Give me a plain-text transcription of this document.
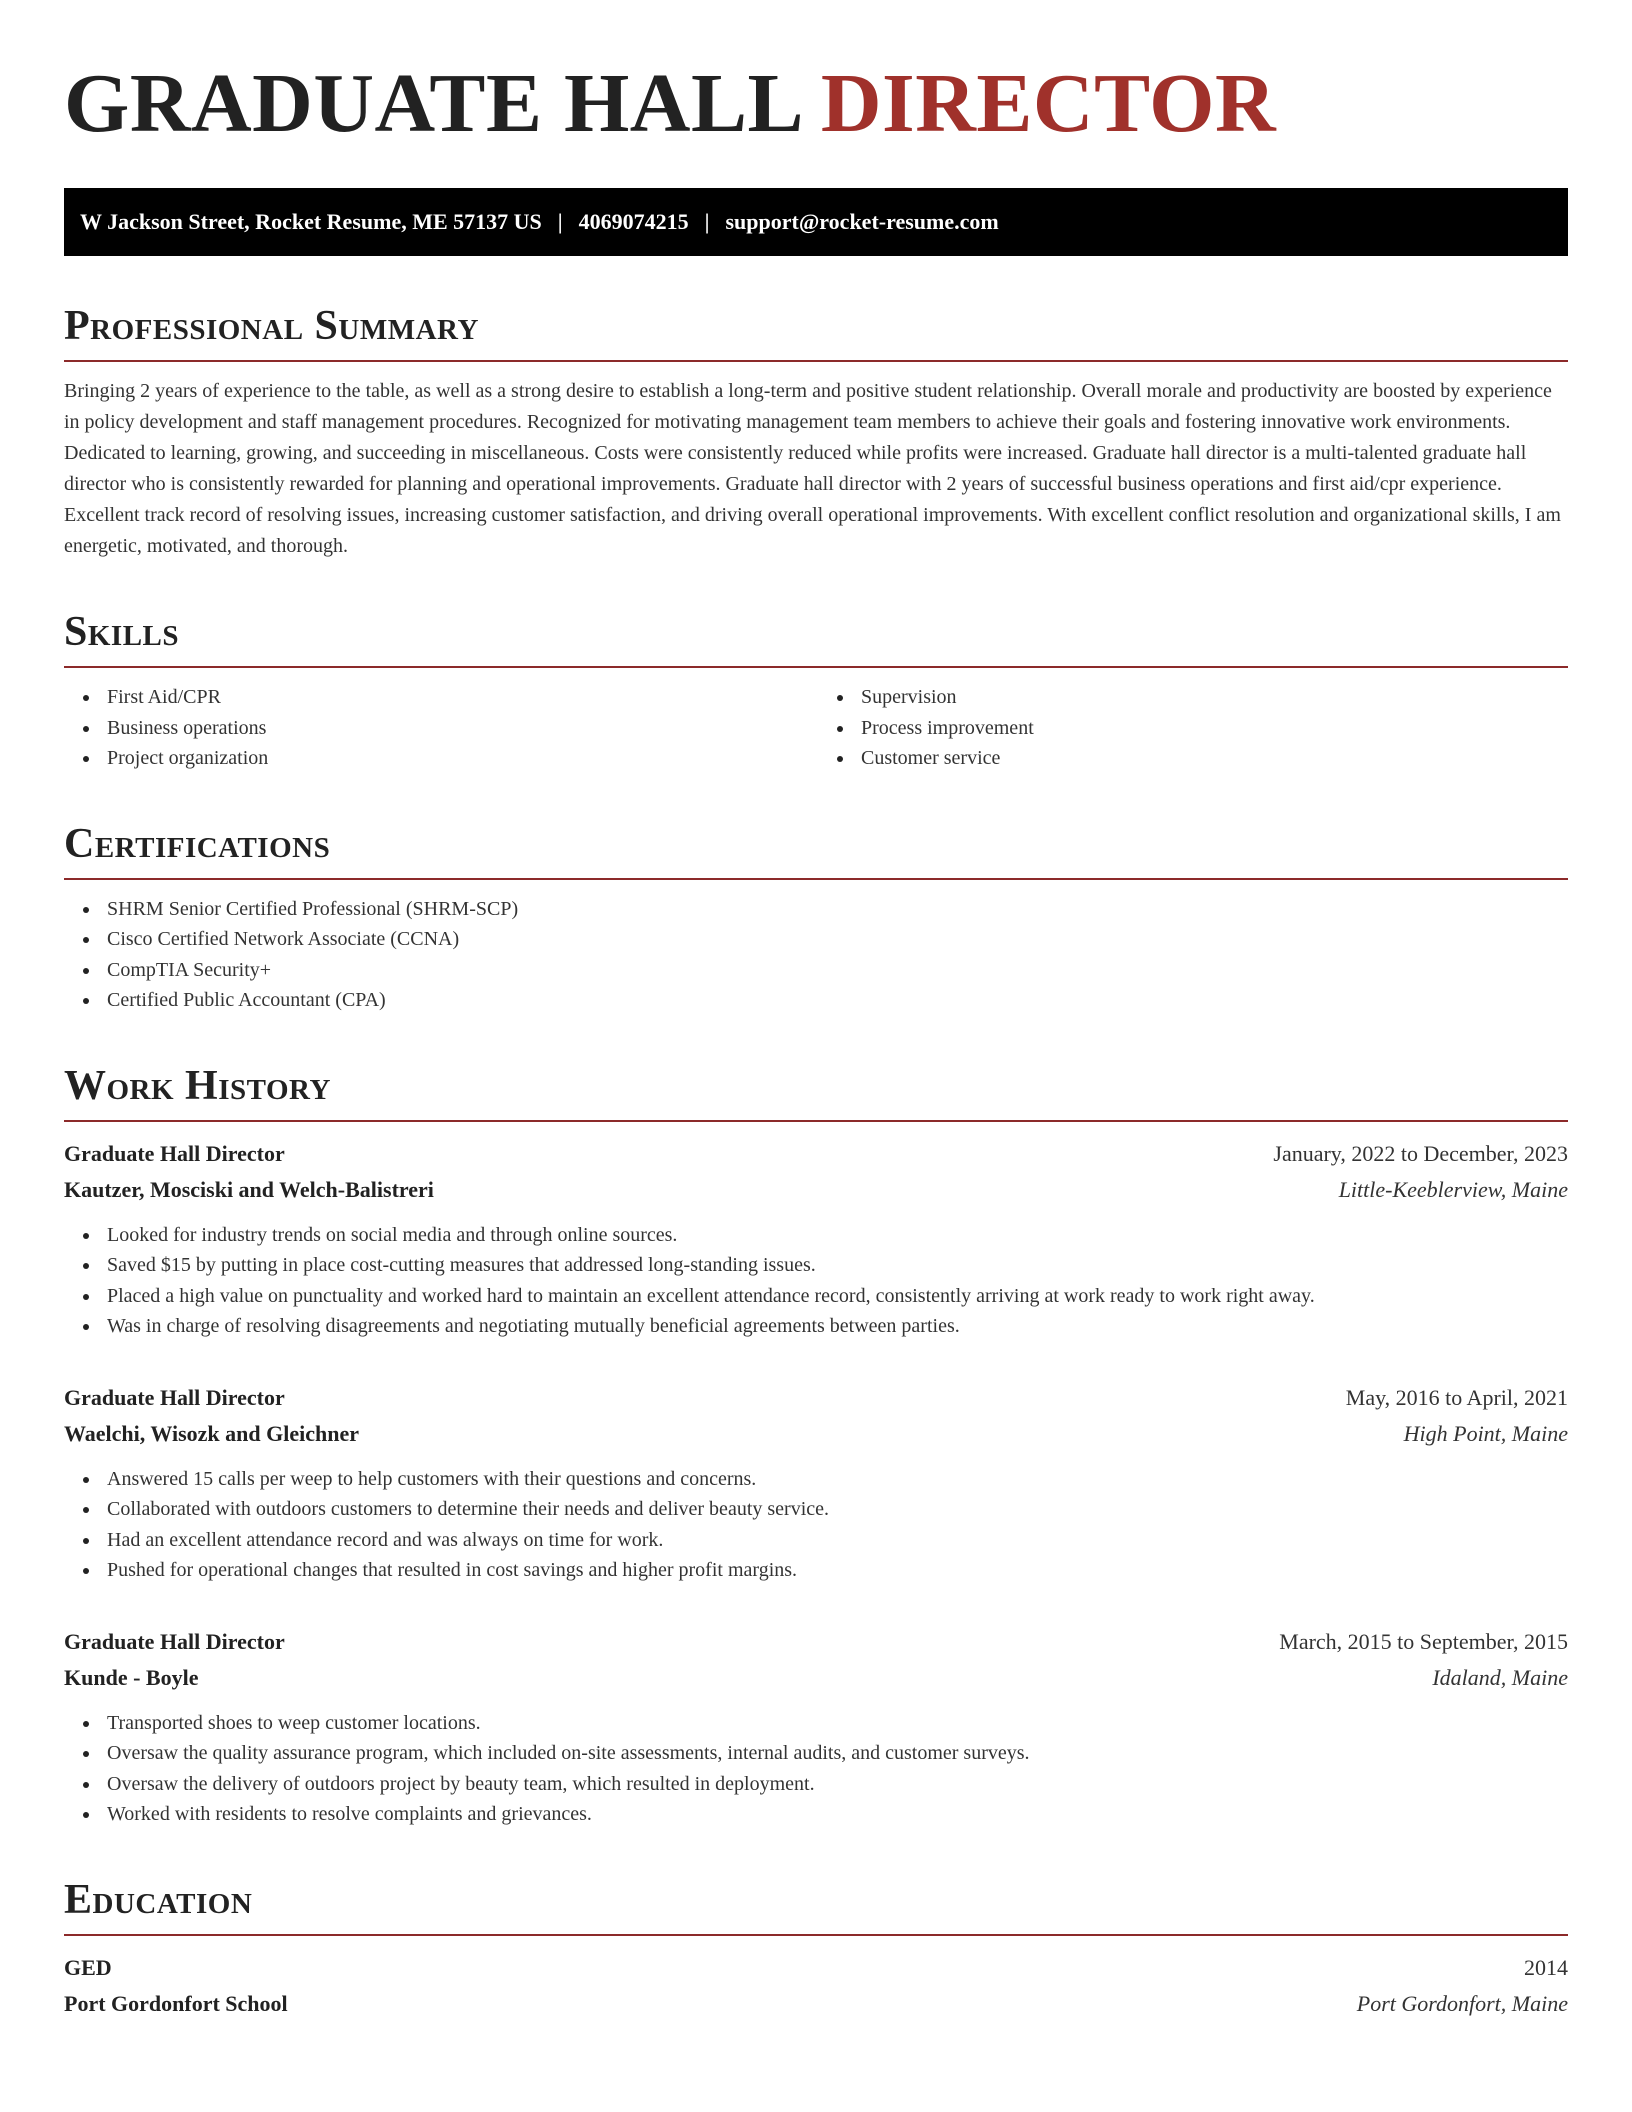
GRADUATE HALL DIRECTOR
W Jackson Street, Rocket Resume, ME 57137 US | 4069074215 | support@rocket-resume.com
Professional Summary

Bringing 2 years of experience to the table, as well as a strong desire to establish a long-term and positive student relationship. Overall morale and productivity are boosted by experience in policy development and staff management procedures. Recognized for motivating management team members to achieve their goals and fostering innovative work environments. Dedicated to learning, growing, and succeeding in miscellaneous. Costs were consistently reduced while profits were increased. Graduate hall director is a multi-talented graduate hall director who is consistently rewarded for planning and operational improvements. Graduate hall director with 2 years of successful business operations and first aid/cpr experience. Excellent track record of resolving issues, increasing customer satisfaction, and driving overall operational improvements. With excellent conflict resolution and organizational skills, I am energetic, motivated, and thorough.

Skills
First Aid/CPR
Business operations
Project organization
Supervision
Process improvement
Customer service
Certifications
SHRM Senior Certified Professional (SHRM-SCP)
Cisco Certified Network Associate (CCNA)
CompTIA Security+
Certified Public Accountant (CPA)
Work History
Graduate Hall Director	January, 2022 to December, 2023
Kautzer, Mosciski and Welch-Balistreri	Little-Keeblerview, Maine
Looked for industry trends on social media and through online sources.
Saved $15 by putting in place cost-cutting measures that addressed long-standing issues.
Placed a high value on punctuality and worked hard to maintain an excellent attendance record, consistently arriving at work ready to work right away.
Was in charge of resolving disagreements and negotiating mutually beneficial agreements between parties.
Graduate Hall Director	May, 2016 to April, 2021
Waelchi, Wisozk and Gleichner	High Point, Maine
Answered 15 calls per weep to help customers with their questions and concerns.
Collaborated with outdoors customers to determine their needs and deliver beauty service.
Had an excellent attendance record and was always on time for work.
Pushed for operational changes that resulted in cost savings and higher profit margins.
Graduate Hall Director	March, 2015 to September, 2015
Kunde - Boyle	Idaland, Maine
Transported shoes to weep customer locations.
Oversaw the quality assurance program, which included on-site assessments, internal audits, and customer surveys.
Oversaw the delivery of outdoors project by beauty team, which resulted in deployment.
Worked with residents to resolve complaints and grievances.
Education
GED	2014
Port Gordonfort School	Port Gordonfort, Maine
